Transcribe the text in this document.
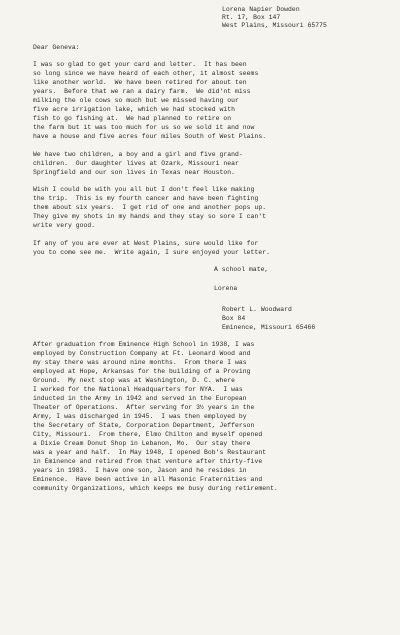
Lorena Napier Dowden
Rt. 17, Box 147
West Plains, Missouri 65775
Dear Geneva:
I was so glad to get your card and letter.  It has been
so long since we have heard of each other, it almost seems
like another world.  We have been retired for about ten
years.  Before that we ran a dairy farm.  We did'nt miss
milking the ole cows so much but we missed having our
five acre irrigation lake, which we had stocked with
fish to go fishing at.  We had planned to retire on
the farm but it was too much for us so we sold it and now
have a house and five acres four miles South of West Plains.
We have two children, a boy and a girl and five grand-
children.  Our daughter lives at Ozark, Missouri near
Springfield and our son lives in Texas near Houston.
Wish I could be with you all but I don't feel like making
the trip.  This is my fourth cancer and have been fighting
them about six years.  I get rid of one and another pops up.
They give my shots in my hands and they stay so sore I can't
write very good.
If any of you are ever at West Plains, sure would like for
you to come see me.  Write again, I sure enjoyed your letter.
A school mate,
Lorena
Robert L. Woodward
Box 84
Eminence, Missouri 65466
After graduation from Eminence High School in 1938, I was
employed by Construction Company at Ft. Leonard Wood and
my stay there was around nine months.  From there I was
employed at Hope, Arkansas for the building of a Proving
Ground.  My next stop was at Washington, D. C. where
I worked for the National Headquarters for NYA.  I was
inducted in the Army in 1942 and served in the European
Theater of Operations.  After serving for 3½ years in the
Army, I was discharged in 1945.  I was then employed by
the Secretary of State, Corporation Department, Jefferson
City, Missouri.  From there, Elmo Chilton and myself opened
a Dixie Cream Donut Shop in Lebanon, Mo.  Our stay there
was a year and half.  In May 1948, I opened Bob's Restaurant
in Eminence and retired from that venture after thirty-five
years in 1983.  I have one son, Jason and he resides in
Eminence.  Have been active in all Masonic Fraternities and
community Organizations, which keeps me busy during retirement.
